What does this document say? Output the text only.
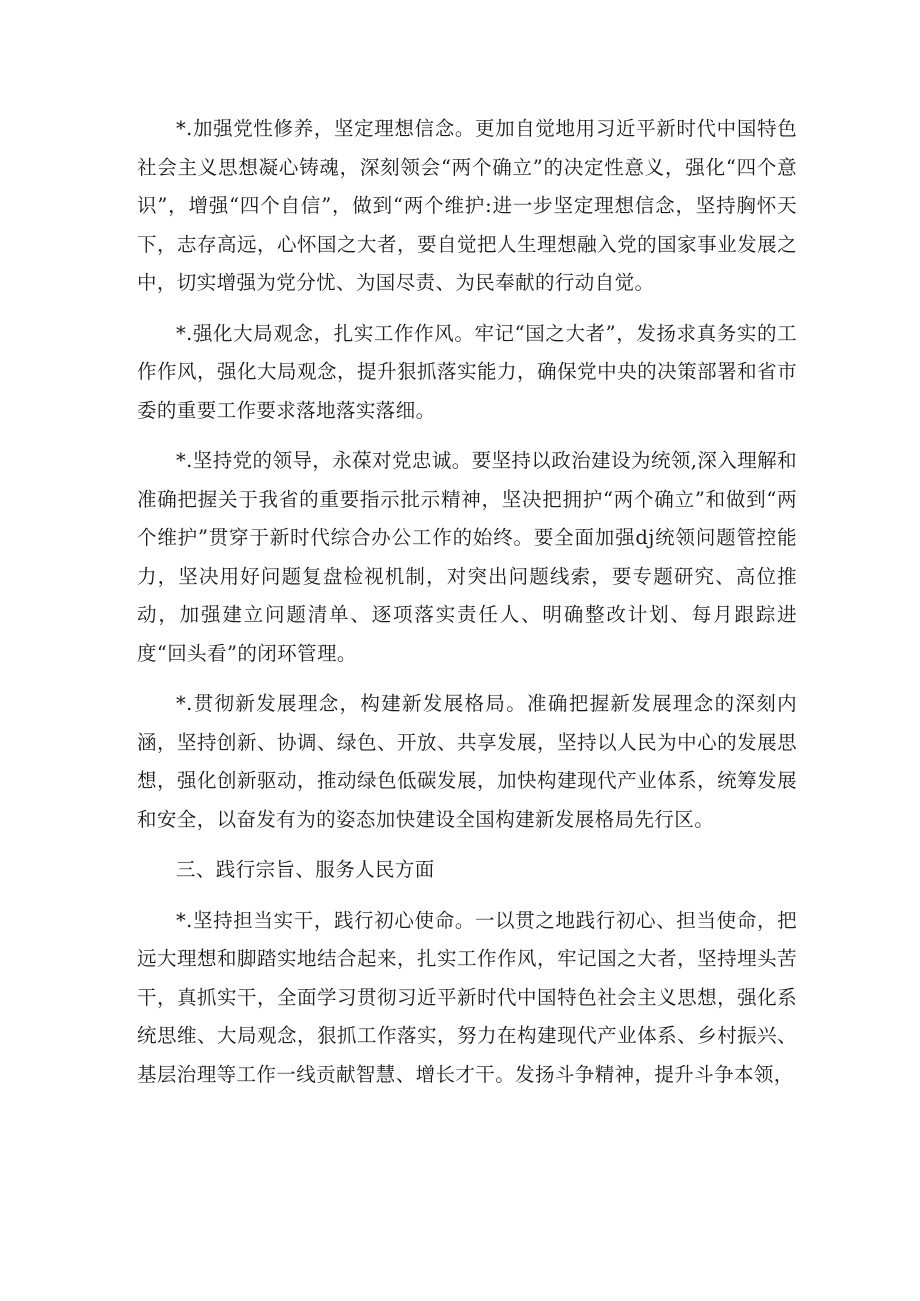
*.加强党性修养，坚定理想信念。更加自觉地用习近平新时代中国特色社会主义思想凝心铸魂，深刻领会“两个确立”的决定性意义，强化“四个意识”，增强“四个自信”，做到“两个维护:进一步坚定理想信念，坚持胸怀天下，志存高远，心怀国之大者，要自觉把人生理想融入党的国家事业发展之中，切实增强为党分忧、为国尽责、为民奉献的行动自觉。

*.强化大局观念，扎实工作作风。牢记“国之大者”，发扬求真务实的工作作风，强化大局观念，提升狠抓落实能力，确保党中央的决策部署和省市委的重要工作要求落地落实落细。

*.坚持党的领导，永葆对党忠诚。要坚持以政治建设为统领,深入理解和准确把握关于我省的重要指示批示精神，坚决把拥护“两个确立”和做到“两个维护”贯穿于新时代综合办公工作的始终。要全面加强dj统领问题管控能力，坚决用好问题复盘检视机制，对突出问题线索，要专题研究、高位推动，加强建立问题清单、逐项落实责任人、明确整改计划、每月跟踪进度“回头看”的闭环管理。

*.贯彻新发展理念，构建新发展格局。准确把握新发展理念的深刻内涵，坚持创新、协调、绿色、开放、共享发展，坚持以人民为中心的发展思想，强化创新驱动，推动绿色低碳发展，加快构建现代产业体系，统筹发展和安全，以奋发有为的姿态加快建设全国构建新发展格局先行区。

三、践行宗旨、服务人民方面

*.坚持担当实干，践行初心使命。一以贯之地践行初心、担当使命，把远大理想和脚踏实地结合起来，扎实工作作风，牢记国之大者，坚持埋头苦干，真抓实干，全面学习贯彻习近平新时代中国特色社会主义思想，强化系统思维、大局观念，狠抓工作落实，努力在构建现代产业体系、乡村振兴、基层治理等工作一线贡献智慧、增长才干。发扬斗争精神，提升斗争本领，
